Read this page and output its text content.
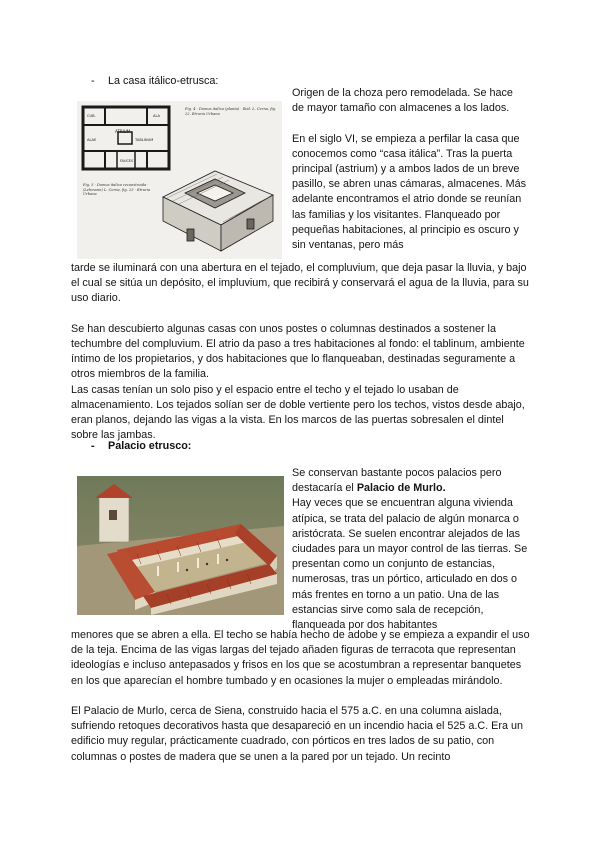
- La casa itálico-etrusca:
ATRIUM
TABLINUM
ALAE
ALA
FAUCES
CUB.
Fig. 4 · Domus italica (planta) · Ibid. L. Cerna, fig. 22, Etruria Urbana
Fig. 5 · Domus italica reconstruida · (Lehmann) L. Cerna, fig. 23 · Etruria Urbana

Origen de la choza pero remodelada. Se hace de mayor tamaño con almacenes a los lados.

En el siglo VI, se empieza a perfilar la casa que conocemos como “casa itálica”. Tras la puerta principal (astrium) y a ambos lados de un breve pasillo, se abren unas cámaras, almacenes. Más adelante encontramos el atrio donde se reunían las familias y los visitantes. Flanqueado por pequeñas habitaciones, al principio es oscuro y sin ventanas, pero más

tarde se iluminará con una abertura en el tejado, el compluvium, que deja pasar la lluvia, y bajo el cual se sitúa un depósito, el impluvium, que recibirá y conservará el agua de la lluvia, para su uso diario.

Se han descubierto algunas casas con unos postes o columnas destinados a sostener la techumbre del compluvium. El atrio da paso a tres habitaciones al fondo: el tablinum, ambiente íntimo de los propietarios, y dos habitaciones que lo flanqueaban, destinadas seguramente a otros miembros de la familia.

Las casas tenían un solo piso y el espacio entre el techo y el tejado lo usaban de almacenamiento. Los tejados solían ser de doble vertiente pero los techos, vistos desde abajo, eran planos, dejando las vigas a la vista. En los marcos de las puertas sobresalen el dintel sobre las jambas.

- Palacio etrusco:

Se conservan bastante pocos palacios pero destacaría el Palacio de Murlo.

Hay veces que se encuentran alguna vivienda atípica, se trata del palacio de algún monarca o aristócrata. Se suelen encontrar alejados de las ciudades para un mayor control de las tierras. Se presentan como un conjunto de estancias, numerosas, tras un pórtico, articulado en dos o más frentes en torno a un patio. Una de las estancias sirve como sala de recepción, flanqueada por dos habitantes

menores que se abren a ella. El techo se había hecho de adobe y se empieza a expandir el uso de la teja. Encima de las vigas largas del tejado añaden figuras de terracota que representan ideologías e incluso antepasados y frisos en los que se acostumbran a representar banquetes en los que aparecían el hombre tumbado y en ocasiones la mujer o empleadas mirándolo.

El Palacio de Murlo, cerca de Siena, construido hacia el 575 a.C. en una columna aislada, sufriendo retoques decorativos hasta que desapareció en un incendio hacia el 525 a.C. Era un edificio muy regular, prácticamente cuadrado, con pórticos en tres lados de su patio, con columnas o postes de madera que se unen a la pared por un tejado. Un recinto
